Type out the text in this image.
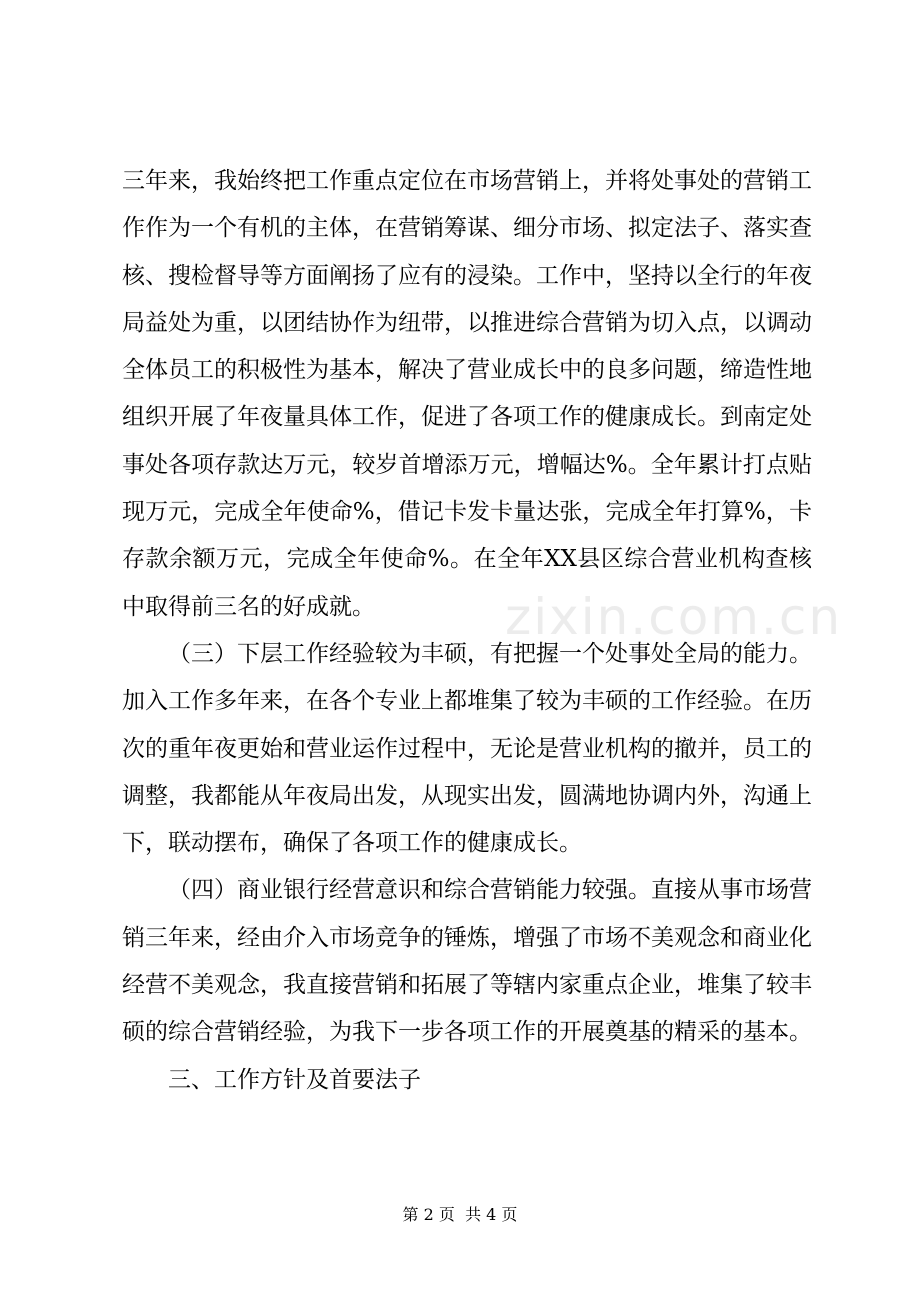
三年来，我始终把工作重点定位在市场营销上，并将处事处的营销工作作为一个有机的主体，在营销筹谋、细分市场、拟定法子、落实查核、搜检督导等方面阐扬了应有的浸染。工作中，坚持以全行的年夜局益处为重，以团结协作为纽带，以推进综合营销为切入点，以调动全体员工的积极性为基本，解决了营业成长中的良多问题，缔造性地组织开展了年夜量具体工作，促进了各项工作的健康成长。到南定处事处各项存款达万元，较岁首增添万元，增幅达%。全年累计打点贴现万元，完成全年使命%，借记卡发卡量达张，完成全年打算%，卡存款余额万元，完成全年使命%。在全年XX县区综合营业机构查核中取得前三名的好成就。

（三）下层工作经验较为丰硕，有把握一个处事处全局的能力。加入工作多年来，在各个专业上都堆集了较为丰硕的工作经验。在历次的重年夜更始和营业运作过程中，无论是营业机构的撤并，员工的调整，我都能从年夜局出发，从现实出发，圆满地协调内外，沟通上下，联动摆布，确保了各项工作的健康成长。

（四）商业银行经营意识和综合营销能力较强。直接从事市场营销三年来，经由介入市场竞争的锤炼，增强了市场不美观念和商业化经营不美观念，我直接营销和拓展了等辖内家重点企业，堆集了较丰硕的综合营销经验，为我下一步各项工作的开展奠基的精采的基本。

三、工作方针及首要法子

zixin.com.cn
第 2 页  共 4 页
